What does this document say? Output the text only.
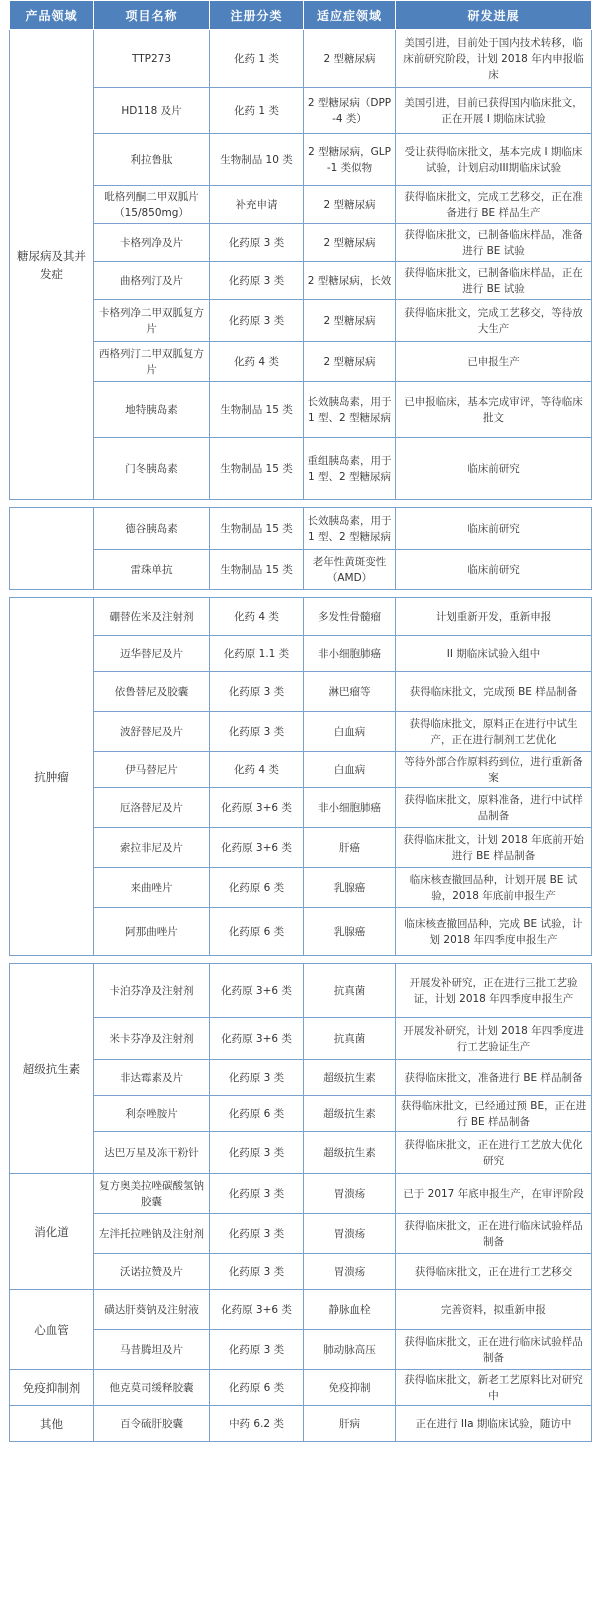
产品领域	项目名称	注册分类	适应症领域	研发进展
糖尿病及其并发症	TTP273	化药 1 类	2 型糖尿病	美国引进，目前处于国内技术转移，临床前研究阶段，计划 2018 年内申报临床
	HD118 及片	化药 1 类	2 型糖尿病（DPP-4 类）	美国引进，目前已获得国内临床批文，正在开展 I 期临床试验
	利拉鲁肽	生物制品 10 类	2 型糖尿病，GLP-1 类似物	受让获得临床批文，基本完成 I 期临床试验，计划启动III期临床试验
	吡格列酮二甲双胍片（15/850mg）	补充申请	2 型糖尿病	获得临床批文，完成工艺移交，正在准备进行 BE 样品生产
	卡格列净及片	化药原 3 类	2 型糖尿病	获得临床批文，已制备临床样品，准备进行 BE 试验
	曲格列汀及片	化药原 3 类	2 型糖尿病，长效	获得临床批文，已制备临床样品，正在进行 BE 试验
	卡格列净二甲双胍复方片	化药原 3 类	2 型糖尿病	获得临床批文，完成工艺移交，等待放大生产
	西格列汀二甲双胍复方片	化药 4 类	2 型糖尿病	已申报生产
	地特胰岛素	生物制品 15 类	长效胰岛素，用于 1 型、2 型糖尿病	已申报临床，基本完成审评，等待临床批文
	门冬胰岛素	生物制品 15 类	重组胰岛素，用于 1 型、2 型糖尿病	临床前研究

	德谷胰岛素	生物制品 15 类	长效胰岛素，用于 1 型、2 型糖尿病	临床前研究
	雷珠单抗	生物制品 15 类	老年性黄斑变性（AMD）	临床前研究

抗肿瘤	硼替佐米及注射剂	化药 4 类	多发性骨髓瘤	计划重新开发，重新申报
	迈华替尼及片	化药原 1.1 类	非小细胞肺癌	II 期临床试验入组中
	依鲁替尼及胶囊	化药原 3 类	淋巴瘤等	获得临床批文，完成预 BE 样品制备
	波舒替尼及片	化药原 3 类	白血病	获得临床批文，原料正在进行中试生产，正在进行制剂工艺优化
	伊马替尼片	化药 4 类	白血病	等待外部合作原料药到位，进行重新备案
	厄洛替尼及片	化药原 3+6 类	非小细胞肺癌	获得临床批文，原料准备，进行中试样品制备
	索拉非尼及片	化药原 3+6 类	肝癌	获得临床批文，计划 2018 年底前开始进行 BE 样品制备
	来曲唑片	化药原 6 类	乳腺癌	临床核查撤回品种，计划开展 BE 试验，2018 年底前申报生产
	阿那曲唑片	化药原 6 类	乳腺癌	临床核查撤回品种，完成 BE 试验，计划 2018 年四季度申报生产

超级抗生素	卡泊芬净及注射剂	化药原 3+6 类	抗真菌	开展发补研究，正在进行三批工艺验证，计划 2018 年四季度申报生产
	米卡芬净及注射剂	化药原 3+6 类	抗真菌	开展发补研究，计划 2018 年四季度进行工艺验证生产
	非达霉素及片	化药原 3 类	超级抗生素	获得临床批文，准备进行 BE 样品制备
	利奈唑胺片	化药原 6 类	超级抗生素	获得临床批文，已经通过预 BE，正在进行 BE 样品制备
	达巴万星及冻干粉针	化药原 3 类	超级抗生素	获得临床批文，正在进行工艺放大优化研究
消化道	复方奥美拉唑碳酸氢钠胶囊	化药原 3 类	胃溃疡	已于 2017 年底申报生产，在审评阶段
	左泮托拉唑钠及注射剂	化药原 3 类	胃溃疡	获得临床批文，正在进行临床试验样品制备
	沃诺拉赞及片	化药原 3 类	胃溃疡	获得临床批文，正在进行工艺移交
心血管	磺达肝葵钠及注射液	化药原 3+6 类	静脉血栓	完善资料，拟重新申报
	马昔腾坦及片	化药原 3 类	肺动脉高压	获得临床批文，正在进行临床试验样品制备
免疫抑制剂	他克莫司缓释胶囊	化药原 6 类	免疫抑制	获得临床批文，新老工艺原料比对研究中
其他	百令硫肝胶囊	中药 6.2 类	肝病	正在进行 IIa 期临床试验，随访中
